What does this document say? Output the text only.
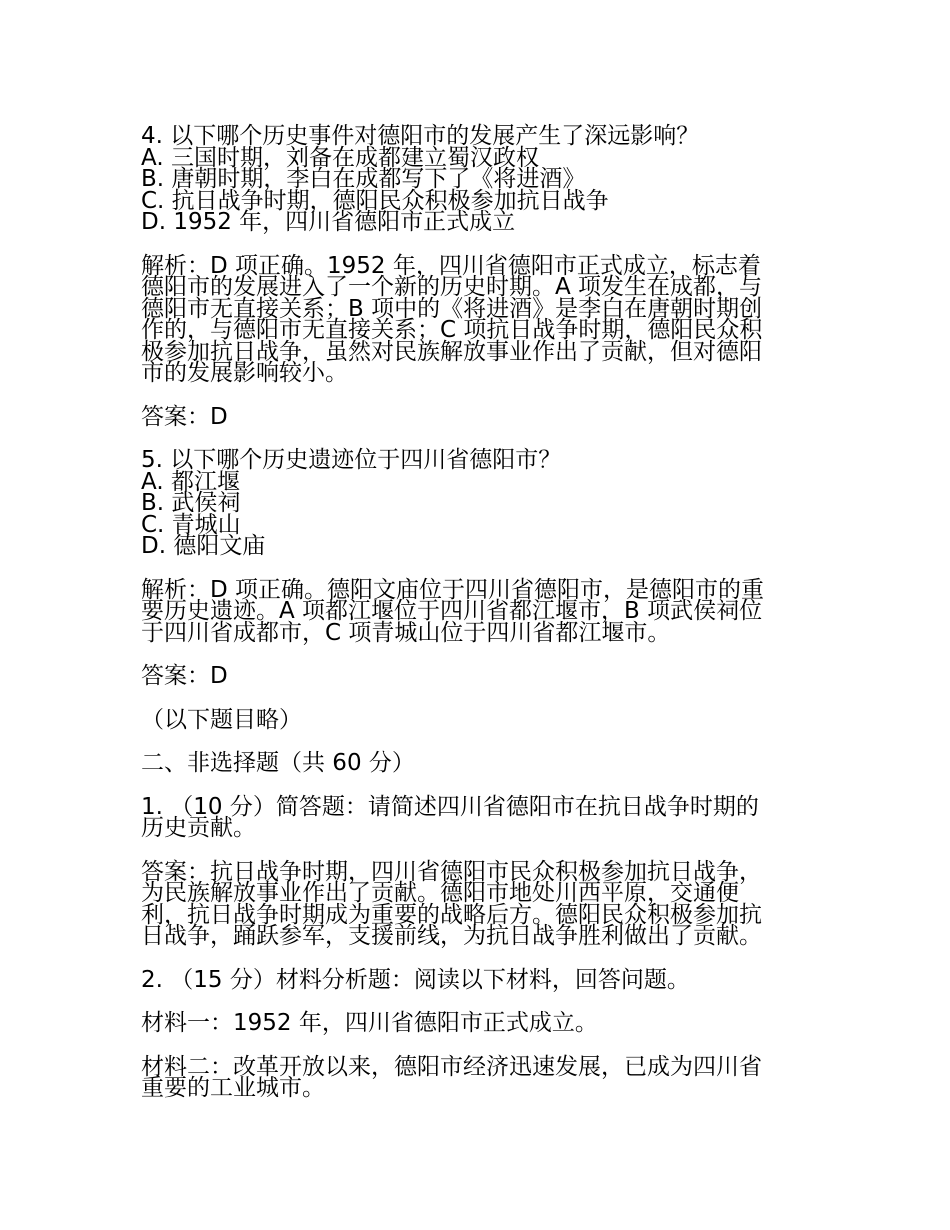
4. 以下哪个历史事件对德阳市的发展产生了深远影响？
A. 三国时期，刘备在成都建立蜀汉政权
B. 唐朝时期，李白在成都写下了《将进酒》
C. 抗日战争时期，德阳民众积极参加抗日战争
D. 1952 年，四川省德阳市正式成立
解析：D 项正确。1952 年，四川省德阳市正式成立，标志着
德阳市的发展进入了一个新的历史时期。A 项发生在成都，与
德阳市无直接关系；B 项中的《将进酒》是李白在唐朝时期创
作的，与德阳市无直接关系；C 项抗日战争时期，德阳民众积
极参加抗日战争，虽然对民族解放事业作出了贡献，但对德阳
市的发展影响较小。
答案：D
5. 以下哪个历史遗迹位于四川省德阳市？
A. 都江堰
B. 武侯祠
C. 青城山
D. 德阳文庙
解析：D 项正确。德阳文庙位于四川省德阳市，是德阳市的重
要历史遗迹。A 项都江堰位于四川省都江堰市，B 项武侯祠位
于四川省成都市，C 项青城山位于四川省都江堰市。
答案：D
（以下题目略）
二、非选择题（共 60 分）
1. （10 分）简答题：请简述四川省德阳市在抗日战争时期的
历史贡献。
答案：抗日战争时期，四川省德阳市民众积极参加抗日战争，
为民族解放事业作出了贡献。德阳市地处川西平原，交通便
利，抗日战争时期成为重要的战略后方。德阳民众积极参加抗
日战争，踊跃参军，支援前线，为抗日战争胜利做出了贡献。
2. （15 分）材料分析题：阅读以下材料，回答问题。
材料一：1952 年，四川省德阳市正式成立。
材料二：改革开放以来，德阳市经济迅速发展，已成为四川省
重要的工业城市。
